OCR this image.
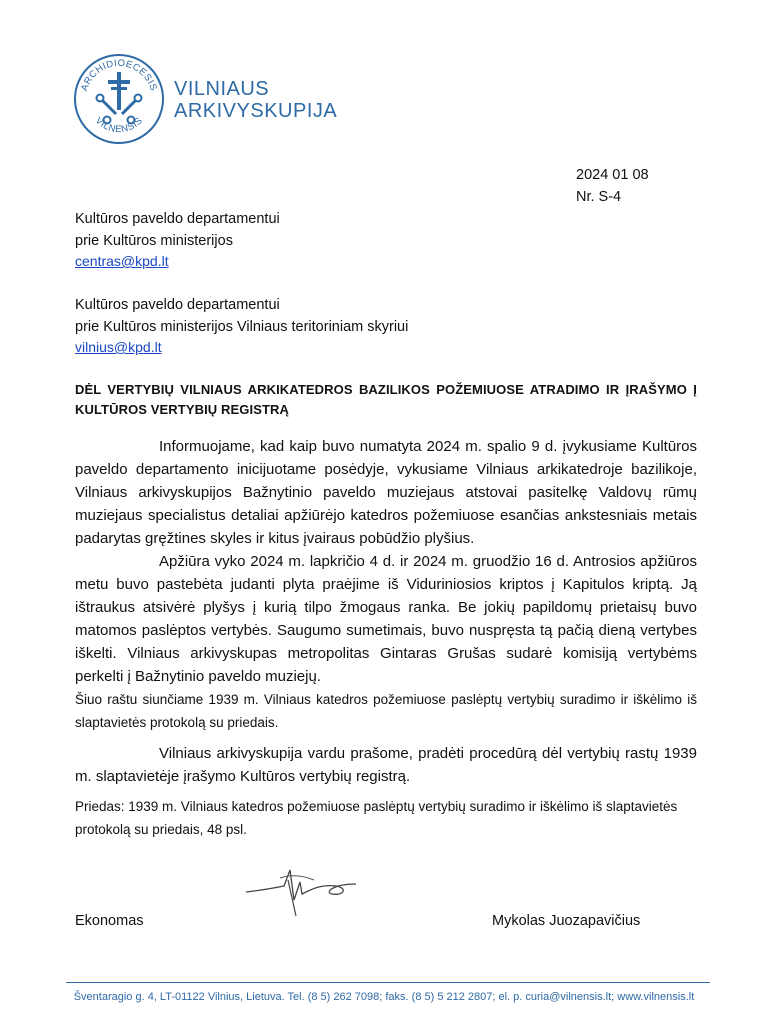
ARCHIDIOECESIS
VILNENSIS
VILNIAUS
ARKIVYSKUPIJA
2024 01 08
Nr. S-4
Kultūros paveldo departamentui
prie Kultūros ministerijos
centras@kpd.lt
Kultūros paveldo departamentui
prie Kultūros ministerijos Vilniaus teritoriniam skyriui
vilnius@kpd.lt
DĖL VERTYBIŲ VILNIAUS ARKIKATEDROS BAZILIKOS POŽEMIUOSE ATRADIMO IR ĮRAŠYMO Į KULTŪROS VERTYBIŲ REGISTRĄ
Informuojame, kad kaip buvo numatyta 2024 m. spalio 9 d. įvykusiame Kultūros paveldo departamento inicijuotame posėdyje, vykusiame Vilniaus arkikatedroje bazilikoje, Vilniaus arkivyskupijos Bažnytinio paveldo muziejaus atstovai pasitelkę Valdovų rūmų muziejaus specialistus detaliai apžiūrėjo katedros požemiuose esančias ankstesniais metais padarytas gręžtines skyles ir kitus įvairaus pobūdžio plyšius.
Apžiūra vyko 2024 m. lapkričio 4 d. ir 2024 m. gruodžio 16 d. Antrosios apžiūros metu buvo pastebėta judanti plyta praėjime iš Viduriniosios kriptos į Kapitulos kriptą. Ją ištraukus atsivėrė plyšys į kurią tilpo žmogaus ranka. Be jokių papildomų prietaisų buvo matomos paslėptos vertybės. Saugumo sumetimais, buvo nuspręsta tą pačią dieną vertybes iškelti. Vilniaus arkivyskupas metropolitas Gintaras Grušas sudarė komisiją vertybėms perkelti į Bažnytinio paveldo muziejų.
Šiuo raštu siunčiame 1939 m. Vilniaus katedros požemiuose paslėptų vertybių suradimo ir iškėlimo iš slaptavietės protokolą su priedais.
Vilniaus arkivyskupija vardu prašome, pradėti procedūrą dėl vertybių rastų 1939 m. slaptavietėje įrašymo Kultūros vertybių registrą.
Priedas: 1939 m. Vilniaus katedros požemiuose paslėptų vertybių suradimo ir iškėlimo iš slaptavietės protokolą su priedais, 48 psl.
Ekonomas	Mykolas Juozapavičius
Šventaragio g. 4, LT-01122 Vilnius, Lietuva. Tel. (8 5) 262 7098; faks. (8 5) 5 212 2807; el. p. curia@vilnensis.lt; www.vilnensis.lt
